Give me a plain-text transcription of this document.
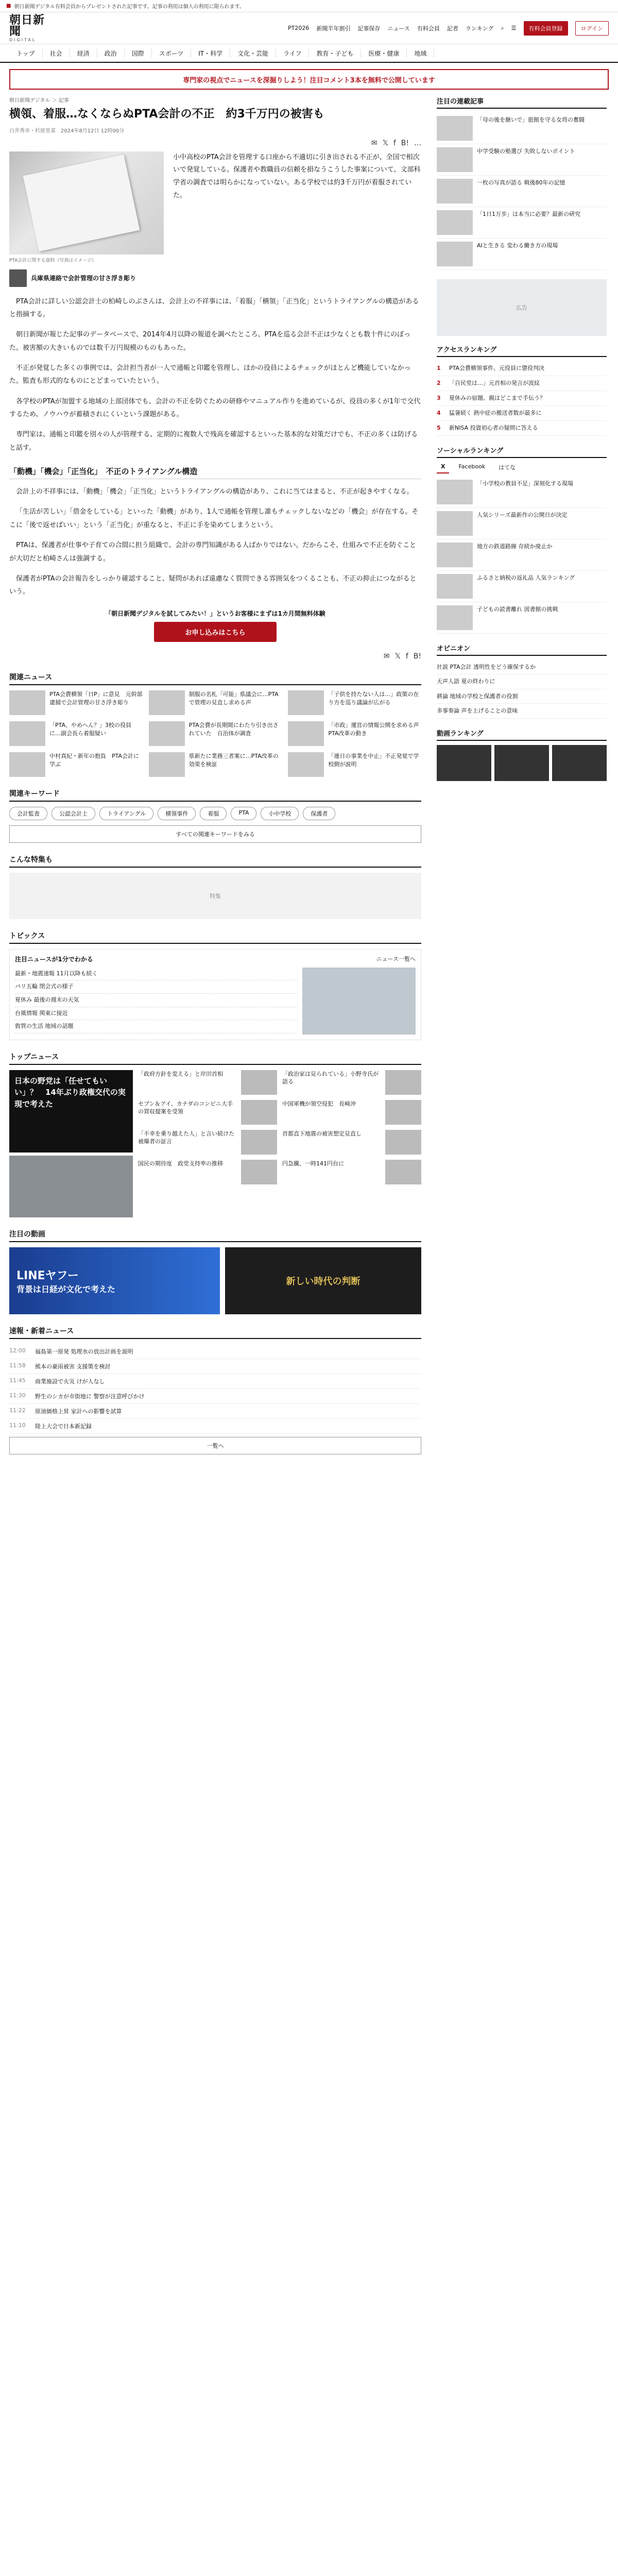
■ 朝日新聞デジタル有料会員からプレゼントされた記事です。記事の利用は個人の利用に限られます。
朝日新聞
DIGITAL
PT2026 新聞半年割引 記事保存 ニュース 有料会員 記者 ランキング ⌕ ☰	有料会員登録	ログイン
トップ	社会	経済	政治	国際	スポーツ	IT・科学	文化・芸能	ライフ	教育・子ども	医療・健康	地域
専門家の視点でニュースを深掘りしよう！注目コメント3本を無料で公開しています
朝日新聞デジタル ＞ 記事
横領、着服…なくならぬPTA会計の不正　約3千万円の被害も
白井秀幸・杉原里菜　2024年8月12日 12時00分
✉ 𝕏 f B! …
PTA会計に関する資料（写真はイメージ）
小中高校のPTA会計を管理する口座から不適切に引き出される不正が、全国で相次いで発覚している。保護者や教職員の信頼を損なうこうした事案について、文部科学省の調査では明らかになっていない。ある学校では約3千万円が着服されていた。
兵庫県連絡で会計管理の甘さ浮き彫り

PTA会計に詳しい公認会計士の柏崎しのぶさんは、会計上の不祥事には、「着服」「横領」「正当化」というトライアングルの構造があると指摘する。

朝日新聞が報じた記事のデータベースで、2014年4月以降の報道を調べたところ、PTAを巡る会計不正は少なくとも数十件にのぼった。被害額の大きいものでは数千万円規模のものもあった。

不正が発覚した多くの事例では、会計担当者が一人で通帳と印鑑を管理し、ほかの役員によるチェックがほとんど機能していなかった。監査も形式的なものにとどまっていたという。

各学校のPTAが加盟する地域の上部団体でも、会計の不正を防ぐための研修やマニュアル作りを進めているが、役員の多くが1年で交代するため、ノウハウが蓄積されにくいという課題がある。

専門家は、通帳と印鑑を別々の人が管理する、定期的に複数人で残高を確認するといった基本的な対策だけでも、不正の多くは防げると話す。

「動機」「機会」「正当化」　不正のトライアングル構造

会計上の不祥事には、「動機」「機会」「正当化」というトライアングルの構造があり、これに当てはまると、不正が起きやすくなる。

「生活が苦しい」「借金をしている」といった「動機」があり、1人で通帳を管理し誰もチェックしないなどの「機会」が存在する。そこに「後で返せばいい」という「正当化」が重なると、不正に手を染めてしまうという。

PTAは、保護者が仕事や子育ての合間に担う組織で、会計の専門知識がある人ばかりではない。だからこそ、仕組みで不正を防ぐことが大切だと柏崎さんは強調する。

保護者がPTAの会計報告をしっかり確認すること、疑問があれば遠慮なく質問できる雰囲気をつくることも、不正の抑止につながるという。

「朝日新聞デジタルを試してみたい！」というお客様にまずは1カ月間無料体験
お申し込みはこちら
✉ 𝕏 f B!
関連ニュース
PTA会費横領「日P」に意見　元幹部逮捕で会計管理の甘さ浮き彫り
制服の名札「可能」県議会に…PTAで管理の見直し求める声
「子供を持たない人は…」政策の在り方を巡り議論が広がる
「PTA、やめへん？」3校の役員に…副会長ら着服疑い
PTA会費が長期間にわたり引き出されていた　自治体が調査
「市政」運営の情報公開を求める声　PTA改革の動き
中村真紀・新年の抱負　PTA会計に学ぶ
県新たに業務三者案に…PTA改革の効果を検証
「連日の事業を中止」不正発覚で学校側が説明
関連キーワード
会計監査	公認会計士	トライアングル	横領事件	着服	PTA	小中学校	保護者
すべての関連キーワードをみる
こんな特集も
特集
トピックス
注目ニュースが1分でわかる	ニュース一覧へ
最新・地震速報 11月以降も続く
パリ五輪 閉会式の様子
夏休み 最後の週末の天気
台風情報 関東に接近
敦賀の生活 地域の話題
トップニュース
日本の野党は「任せてもいい」？　14年ぶり政権交代の実現で考えた
「政府方針を変える」と岸田首相
セブン＆アイ、カナダのコンビニ大手の買収提案を受領
「不幸を乗り越えた人」と言い続けた被爆者の証言
国民の期待度　政党支持率の推移
「政治家は見られている」小野寺氏が語る
中国軍機が領空侵犯　長崎沖
首都直下地震の被害想定見直し
円急騰、一時141円台に
注目の動画
LINEヤフー
背景は日経が文化で考えた
新しい時代の判断
速報・新着ニュース
12:00	福島第一原発 処理水の放出計画を説明
11:58	熊本の豪雨被害 支援策を検討
11:45	商業施設で火災 けが人なし
11:30	野生のシカが市街地に 警察が注意呼びかけ
11:22	原油価格上昇 家計への影響を試算
11:10	陸上大会で日本新記録
一覧へ
注目の連載記事
「母の後を継いで」旅館を守る女将の奮闘
中学受験の塾選び 失敗しないポイント
一枚の写真が語る 戦後80年の記憶
「1日1万歩」は本当に必要？最新の研究
AIと生きる 変わる働き方の現場
広告
アクセスランキング
1	PTA会費横領事件、元役員に懲役判決
2	「自民党は…」元首相の発言が波紋
3	夏休みの宿題、親はどこまで手伝う？
4	猛暑続く 熱中症の搬送者数が最多に
5	新NISA 投資初心者の疑問に答える
ソーシャルランキング
X	Facebook	はてな
「小学校の教員不足」深刻化する現場
人気シリーズ最新作の公開日が決定
地方の鉄道路線 存続か廃止か
ふるさと納税の返礼品 人気ランキング
子どもの読書離れ 図書館の挑戦
オピニオン
社説 PTA会計 透明性をどう確保するか
天声人語 夏の終わりに
耕論 地域の学校と保護者の役割
多事奏論 声を上げることの意味
動画ランキング
